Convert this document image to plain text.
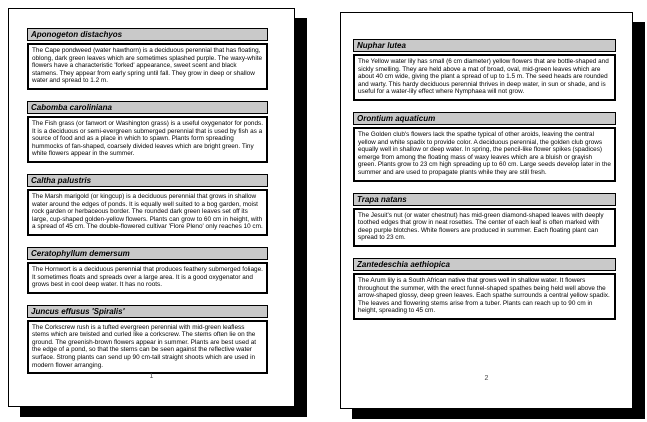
Aponogeton distachyos
The Cape pondweed (water hawthorn) is a deciduous perennial that has floating, oblong, dark green leaves which are sometimes splashed purple. The waxy-white flowers have a characteristic 'forked' appearance, sweet scent and black stamens. They appear from early spring until fall. They grow in deep or shallow water and spread to 1.2 m.
Cabomba caroliniana
The Fish grass (or fanwort or Washington grass) is a useful oxygenator for ponds. It is a deciduous or semi-evergreen submerged perennial that is used by fish as a source of food and as a place in which to spawn. Plants form spreading hummocks of fan-shaped, coarsely divided leaves which are bright green. Tiny white flowers appear in the summer.
Caltha palustris
The Marsh marigold (or kingcup) is a deciduous perennial that grows in shallow water around the edges of ponds. It is equally well suited to a bog garden, moist rock garden or herbaceous border. The rounded dark green leaves set off its large, cup-shaped golden-yellow flowers. Plants can grow to 60 cm in height, with a spread of 45 cm. The double-flowered cultivar 'Flore Pleno' only reaches 10 cm.
Ceratophyllum demersum
The Hornwort is a deciduous perennial that produces feathery submerged foliage. It sometimes floats and spreads over a large area. It is a good oxygenator and grows best in cool deep water. It has no roots.
Juncus effusus 'Spiralis'
The Corkscrew rush is a tufted evergreen perennial with mid-green leafless stems which are twisted and curled like a corkscrew. The stems often lie on the ground. The greenish-brown flowers appear in summer. Plants are best used at the edge of a pond, so that the stems can be seen against the reflective water surface. Strong plants can send up 90 cm-tall straight shoots which are used in modern flower arranging.
1
Nuphar lutea
The Yellow water lily has small (6 cm diameter) yellow flowers that are bottle-shaped and sickly smelling. They are held above a mat of broad, oval, mid-green leaves which are about 40 cm wide, giving the plant a spread of up to 1.5 m. The seed heads are rounded and warty. This hardy deciduous perennial thrives in deep water, in sun or shade, and is useful for a water-lily effect where Nymphaea will not grow.
Orontium aquaticum
The Golden club's flowers lack the spathe typical of other aroids, leaving the central yellow and white spadix to provide color. A deciduous perennial, the golden club grows equally well in shallow or deep water. In spring, the pencil-like flower spikes (spadices) emerge from among the floating mass of waxy leaves which are a bluish or grayish green. Plants grow to 23 cm high spreading up to 60 cm. Large seeds develop later in the summer and are used to propagate plants while they are still fresh.
Trapa natans
The Jesuit's nut (or water chestnut) has mid-green diamond-shaped leaves with deeply toothed edges that grow in neat rosettes. The center of each leaf is often marked with deep purple blotches. White flowers are produced in summer. Each floating plant can spread to 23 cm.
Zantedeschia aethiopica
The Arum lily is a South African native that grows well in shallow water. It flowers throughout the summer, with the erect funnel-shaped spathes being held well above the arrow-shaped glossy, deep green leaves. Each spathe surrounds a central yellow spadix. The leaves and flowering stems arise from a tuber. Plants can reach up to 90 cm in height, spreading to 45 cm.
2
